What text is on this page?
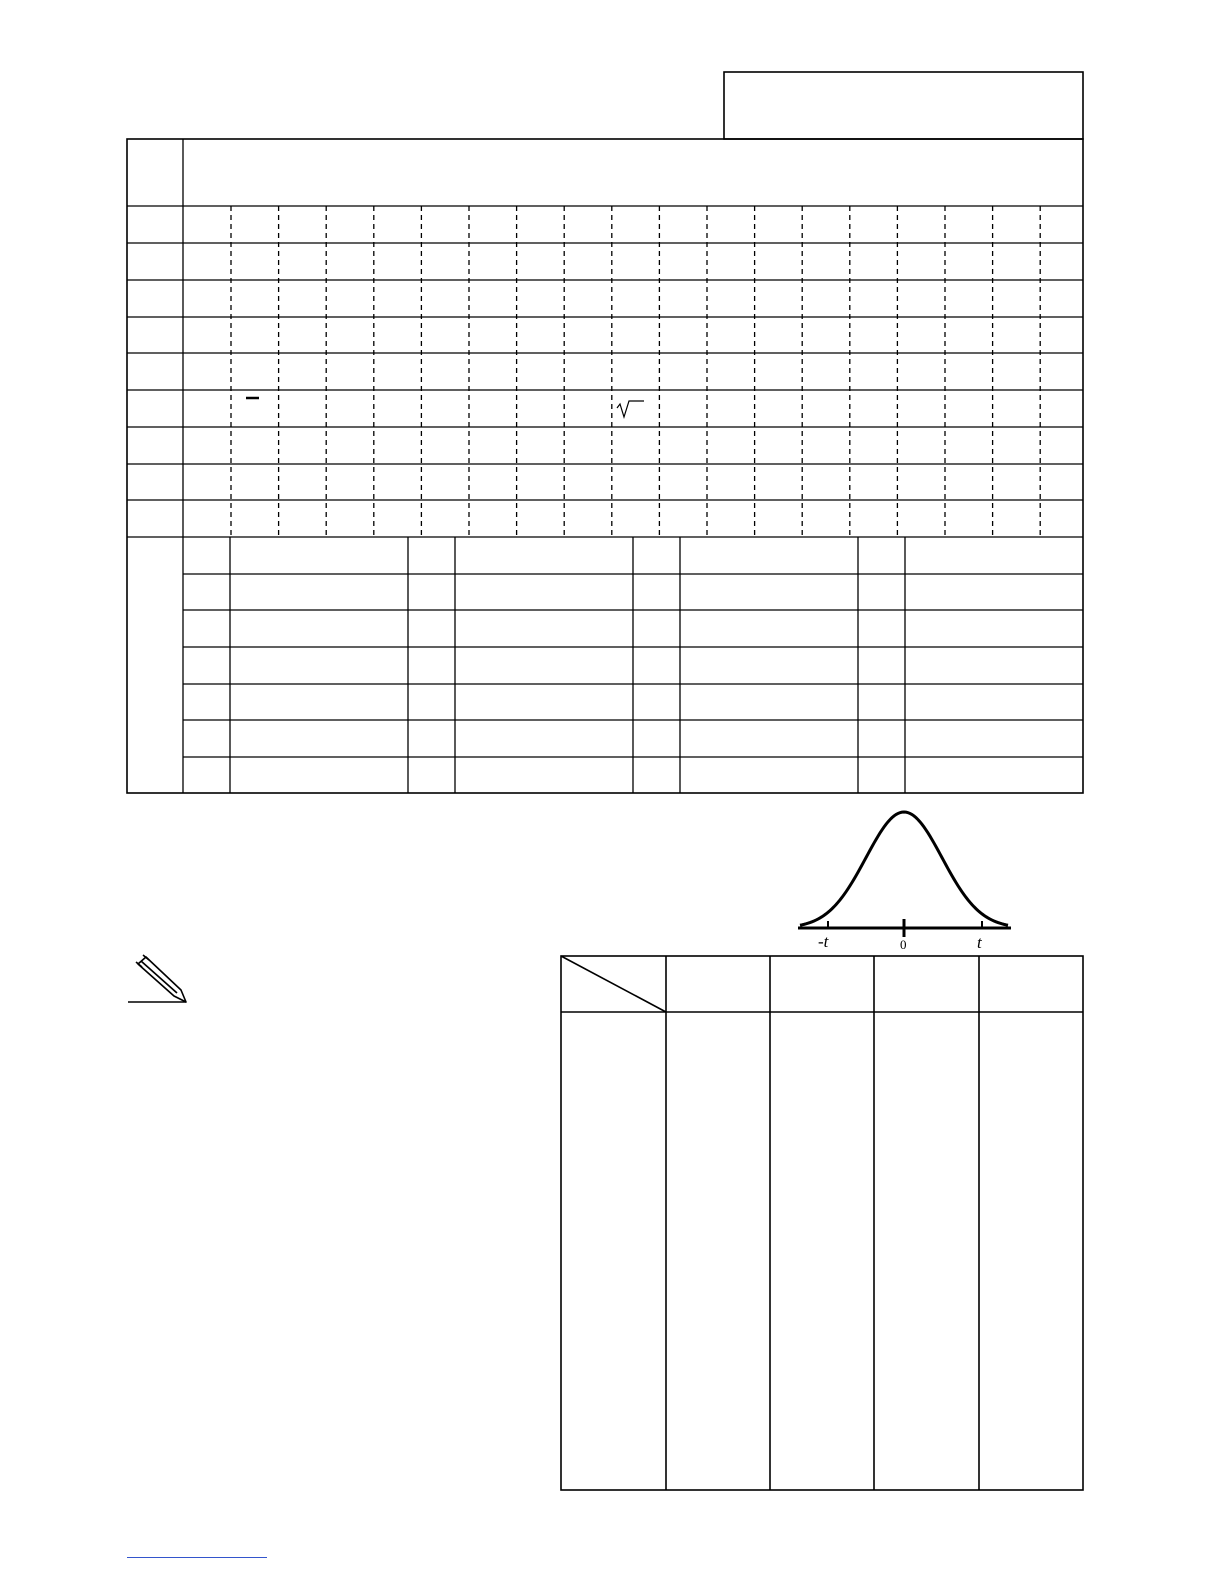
-t	0	t
